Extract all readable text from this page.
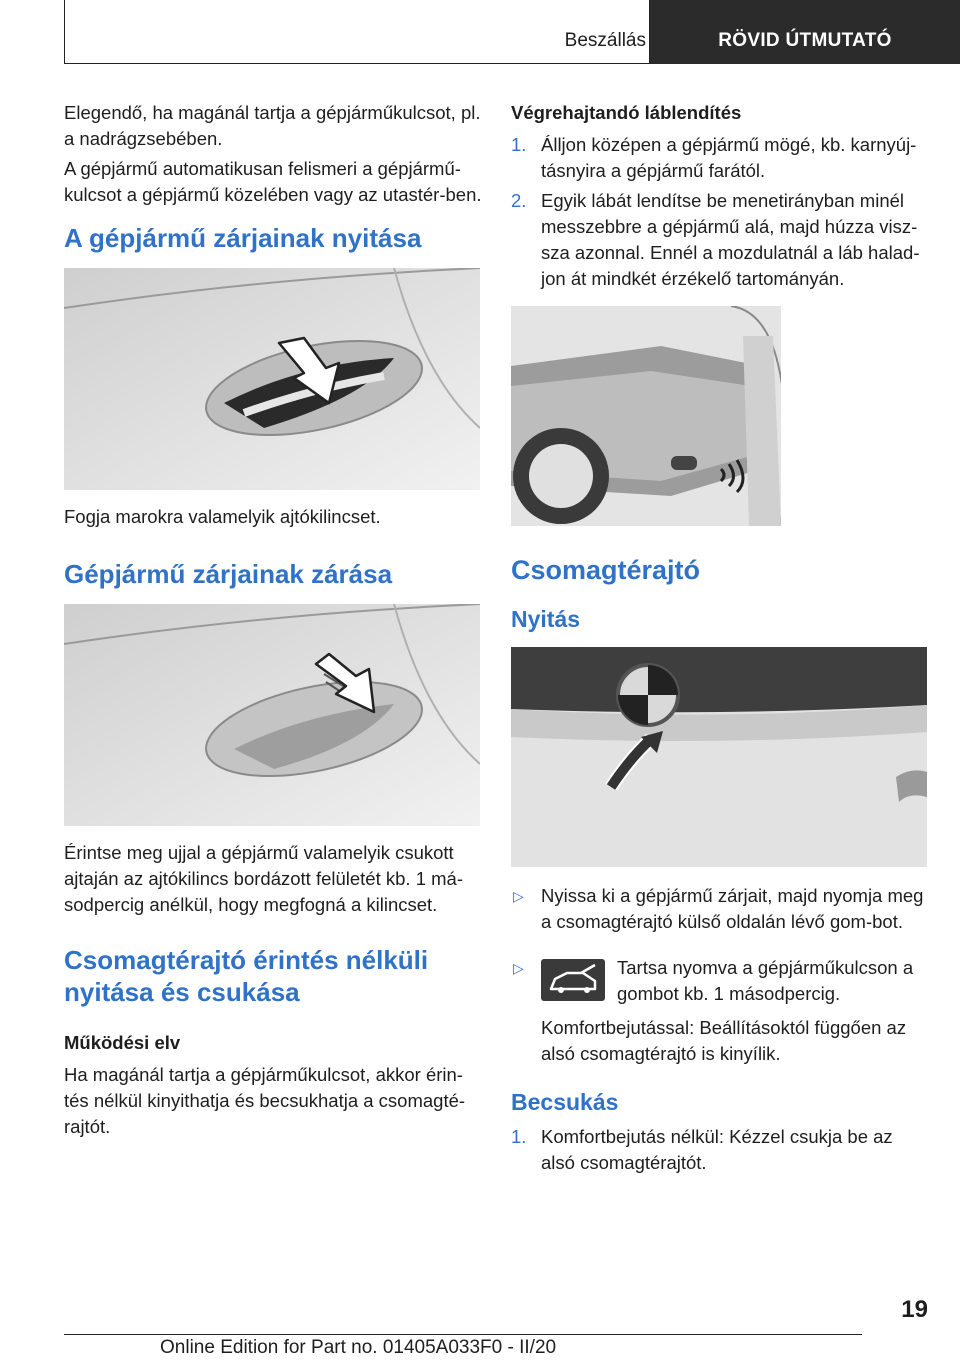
Beszállás	RÖVID ÚTMUTATÓ

Elegendő, ha magánál tartja a gépjárműkulcsot, pl. a nadrágzsebében.

A gépjármű automatikusan felismeri a gépjármű-kulcsot a gépjármű közelében vagy az utastér-ben.

A gépjármű zárjainak nyitása

Fogja marokra valamelyik ajtókilincset.

Gépjármű zárjainak zárása

Érintse meg ujjal a gépjármű valamelyik csukott ajtaján az ajtókilincs bordázott felületét kb. 1 má-sodpercig anélkül, hogy megfogná a kilincset.

Csomagtérajtó érintés nélküli
nyitása és csukása
Működési elv

Ha magánál tartja a gépjárműkulcsot, akkor érin-tés nélkül kinyithatja és becsukhatja a csomagté-rajtót.

Végrehajtandó láblendítés
1. Álljon középen a gépjármű mögé, kb. karnyúj-tásnyira a gépjármű farától.
2. Egyik lábát lendítse be menetirányban minél messzebbre a gépjármű alá, majd húzza visz-sza azonnal. Ennél a mozdulatnál a láb halad-jon át mindkét érzékelő tartományán.
Csomagtérajtó
Nyitás
▷ Nyissa ki a gépjármű zárjait, majd nyomja meg a csomagtérajtó külső oldalán lévő gom-bot.
▷	Tartsa nyomva a gépjárműkulcson a gombot kb. 1 másodpercig.

Komfortbejutással: Beállításoktól függően az alsó csomagtérajtó is kinyílik.

Becsukás
1. Komfortbejutás nélkül: Kézzel csukja be az alsó csomagtérajtót.
19
Online Edition for Part no. 01405A033F0 - II/20
